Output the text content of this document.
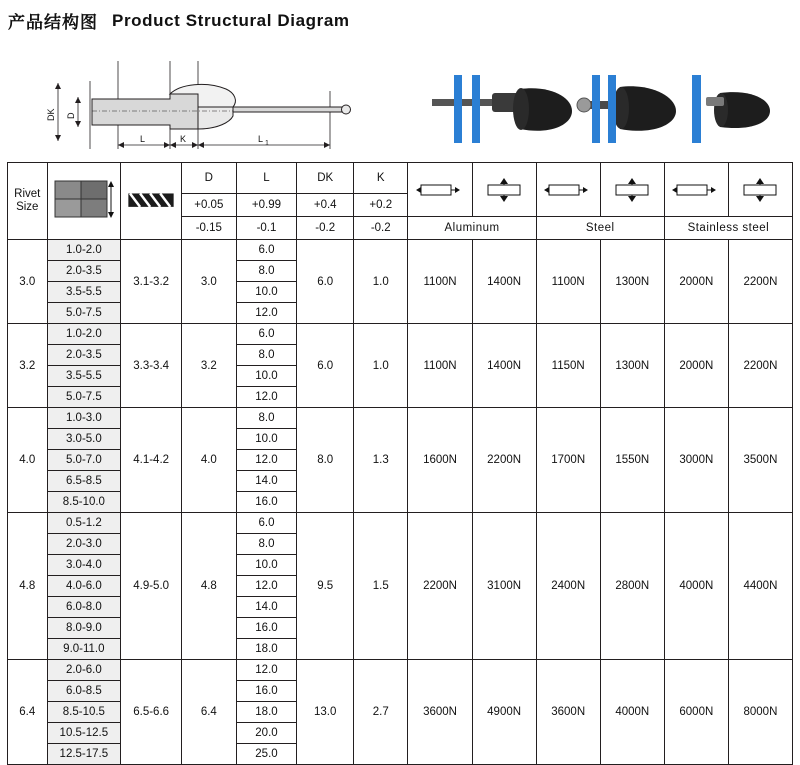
产品结构图 Product Structural Diagram
DK D
L	K	L 1
Rivet
Size			D	L	DK	K	

			+0.05	+0.99	+0.4	+0.2						
			-0.15	-0.1	-0.2	-0.2	Aluminum		Steel		Stainless steel	
3.0	1.0-2.0	3.1-3.2	3.0	6.0	6.0	1.0	1100N	1400N	1100N	1300N	2000N	2200N
	2.0-3.5			8.0								
	3.5-5.5			10.0								
	5.0-7.5			12.0								
3.2	1.0-2.0	3.3-3.4	3.2	6.0	6.0	1.0	1100N	1400N	1150N	1300N	2000N	2200N
	2.0-3.5			8.0								
	3.5-5.5			10.0								
	5.0-7.5			12.0								
4.0	1.0-3.0	4.1-4.2	4.0	8.0	8.0	1.3	1600N	2200N	1700N	1550N	3000N	3500N
	3.0-5.0			10.0								
	5.0-7.0			12.0								
	6.5-8.5			14.0								
	8.5-10.0			16.0								
4.8	0.5-1.2	4.9-5.0	4.8	6.0	9.5	1.5	2200N	3100N	2400N	2800N	4000N	4400N
	2.0-3.0			8.0								
	3.0-4.0			10.0								
	4.0-6.0			12.0								
	6.0-8.0			14.0								
	8.0-9.0			16.0								
	9.0-11.0			18.0								
6.4	2.0-6.0	6.5-6.6	6.4	12.0	13.0	2.7	3600N	4900N	3600N	4000N	6000N	8000N
	6.0-8.5			16.0								
	8.5-10.5			18.0								
	10.5-12.5			20.0								
	12.5-17.5			25.0								
